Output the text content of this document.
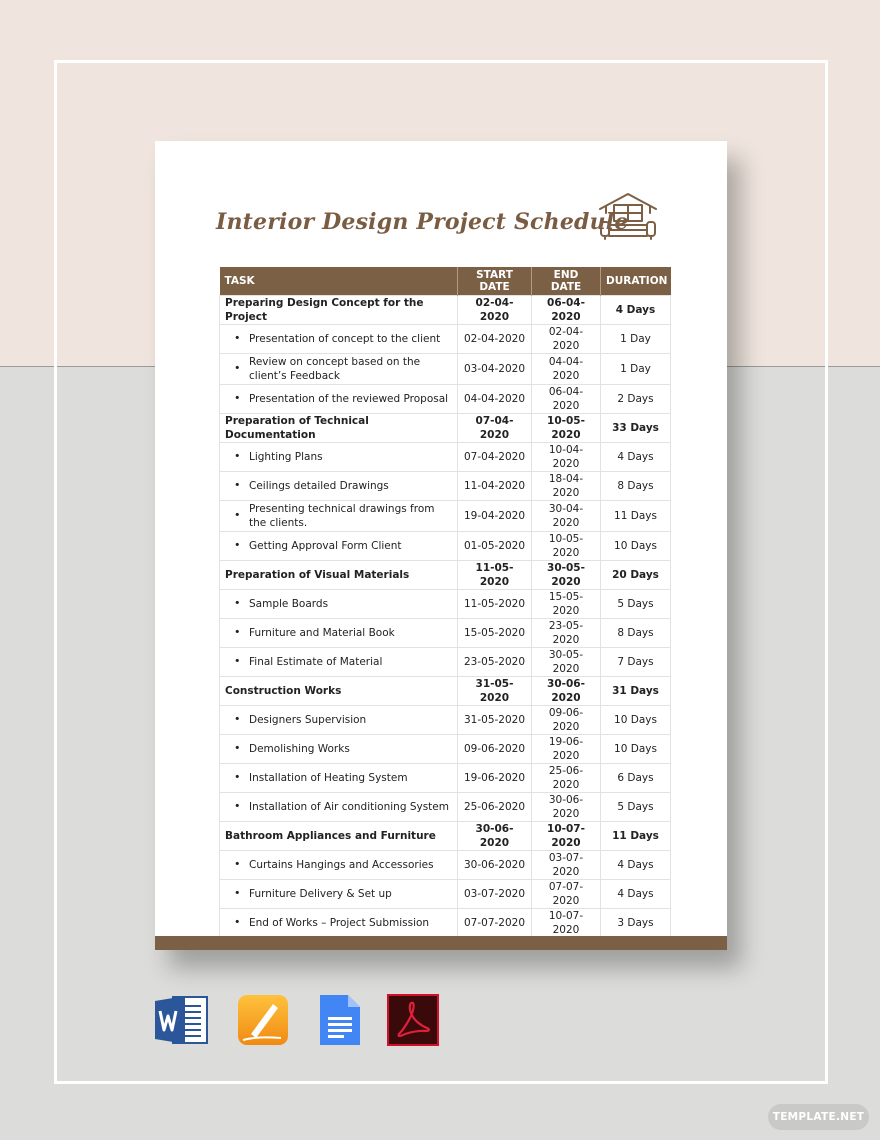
Interior Design Project Schedule
TASK	START DATE	END DATE	DURATION
Preparing Design Concept for the Project	02-04-2020	06-04-2020	4 Days
• Presentation of concept to the client	02-04-2020	02-04-2020	1 Day
• Review on concept based on the client’s Feedback	03-04-2020	04-04-2020	1 Day
• Presentation of the reviewed Proposal	04-04-2020	06-04-2020	2 Days
Preparation of Technical Documentation	07-04-2020	10-05-2020	33 Days
• Lighting Plans	07-04-2020	10-04-2020	4 Days
• Ceilings detailed Drawings	11-04-2020	18-04-2020	8 Days
• Presenting technical drawings from the clients.	19-04-2020	30-04-2020	11 Days
• Getting Approval Form Client	01-05-2020	10-05-2020	10 Days
Preparation of Visual Materials	11-05-2020	30-05-2020	20 Days
• Sample Boards	11-05-2020	15-05-2020	5 Days
• Furniture and Material Book	15-05-2020	23-05-2020	8 Days
• Final Estimate of Material	23-05-2020	30-05-2020	7 Days
Construction Works	31-05-2020	30-06-2020	31 Days
• Designers Supervision	31-05-2020	09-06-2020	10 Days
• Demolishing Works	09-06-2020	19-06-2020	10 Days
• Installation of Heating System	19-06-2020	25-06-2020	6 Days
• Installation of Air conditioning System	25-06-2020	30-06-2020	5 Days
Bathroom Appliances and Furniture	30-06-2020	10-07-2020	11 Days
• Curtains Hangings and Accessories	30-06-2020	03-07-2020	4 Days
• Furniture Delivery & Set up	03-07-2020	07-07-2020	4 Days
• End of Works – Project Submission	07-07-2020	10-07-2020	3 Days
TEMPLATE.NET
